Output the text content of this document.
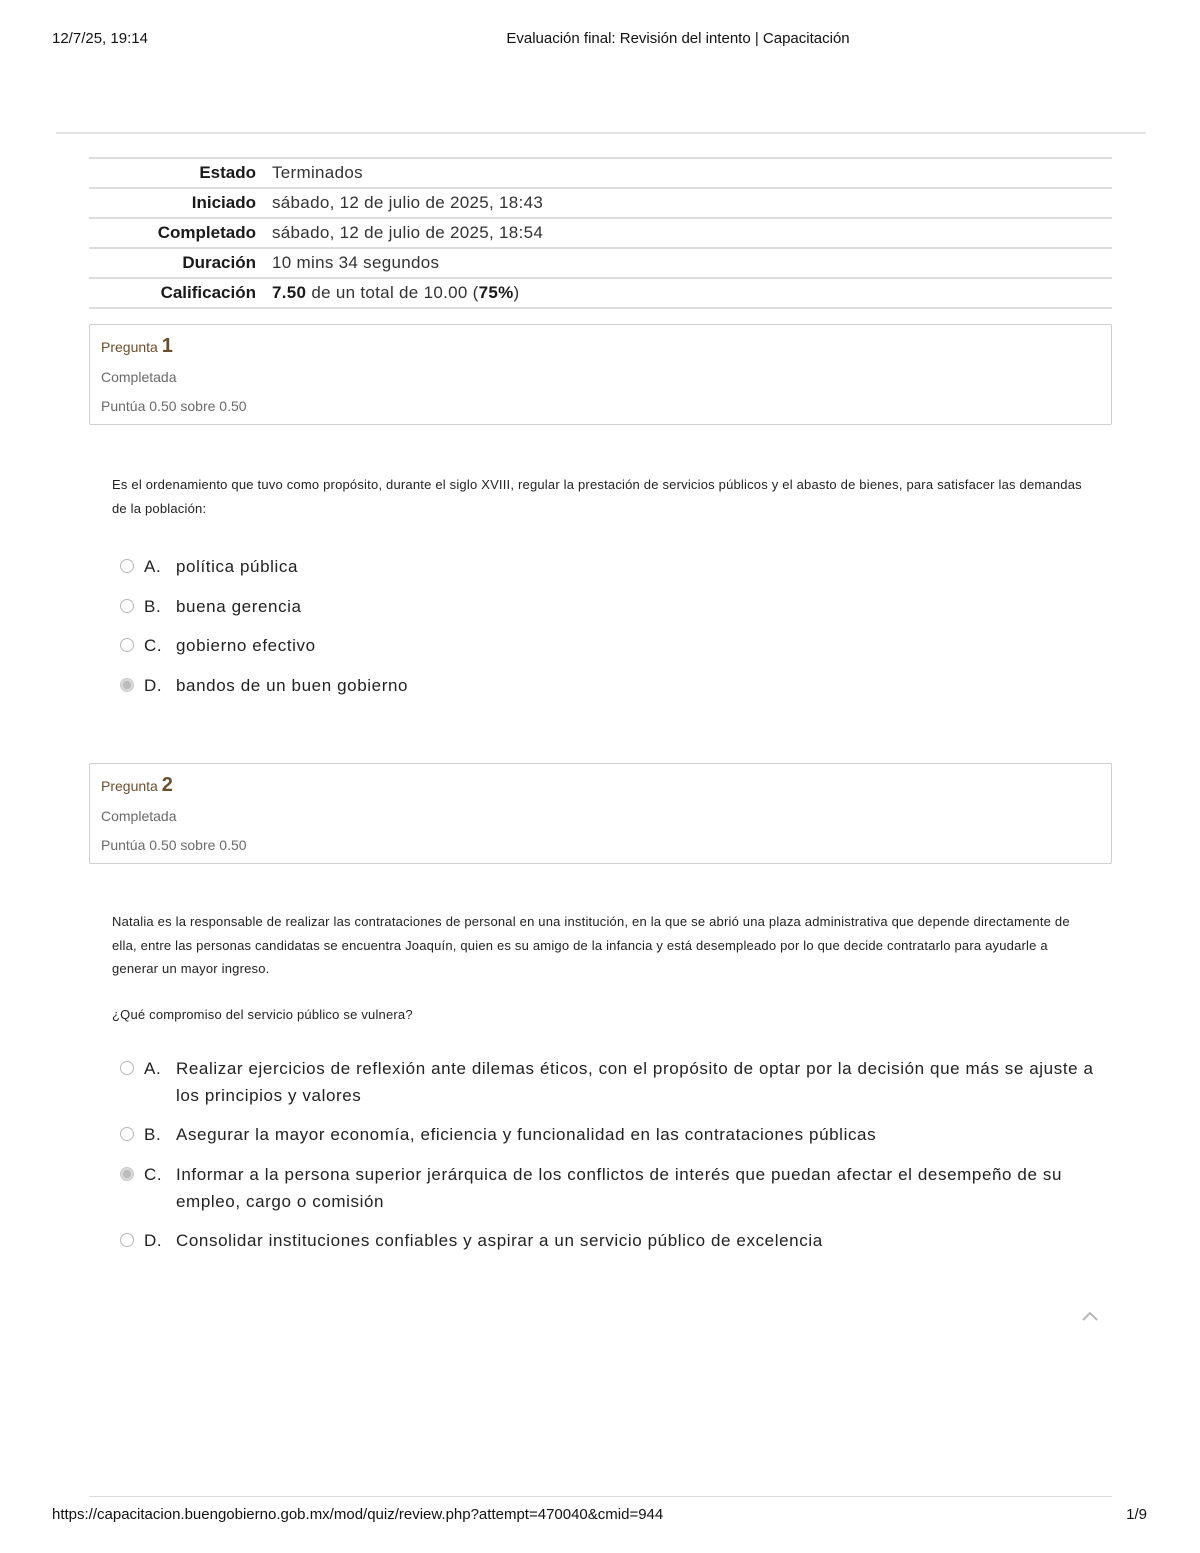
12/7/25, 19:14	Evaluación final: Revisión del intento | Capacitación
Estado Terminados
Iniciado sábado, 12 de julio de 2025, 18:43
Completado sábado, 12 de julio de 2025, 18:54
Duración 10 mins 34 segundos
Calificación 7.50 de un total de 10.00 (75%)
Pregunta 1
Completada
Puntúa 0.50 sobre 0.50
Es el ordenamiento que tuvo como propósito, durante el siglo XVIII, regular la prestación de servicios públicos y el abasto de bienes, para satisfacer las demandas de la población:
A. política pública
B. buena gerencia
C. gobierno efectivo
D. bandos de un buen gobierno
Pregunta 2
Completada
Puntúa 0.50 sobre 0.50
Natalia es la responsable de realizar las contrataciones de personal en una institución, en la que se abrió una plaza administrativa que depende directamente de ella, entre las personas candidatas se encuentra Joaquín, quien es su amigo de la infancia y está desempleado por lo que decide contratarlo para ayudarle a generar un mayor ingreso.
¿Qué compromiso del servicio público se vulnera?
A. Realizar ejercicios de reflexión ante dilemas éticos, con el propósito de optar por la decisión que más se ajuste a los principios y valores
B. Asegurar la mayor economía, eficiencia y funcionalidad en las contrataciones públicas
C. Informar a la persona superior jerárquica de los conflictos de interés que puedan afectar el desempeño de su empleo, cargo o comisión
D. Consolidar instituciones confiables y aspirar a un servicio público de excelencia
https://capacitacion.buengobierno.gob.mx/mod/quiz/review.php?attempt=470040&cmid=944	1/9
